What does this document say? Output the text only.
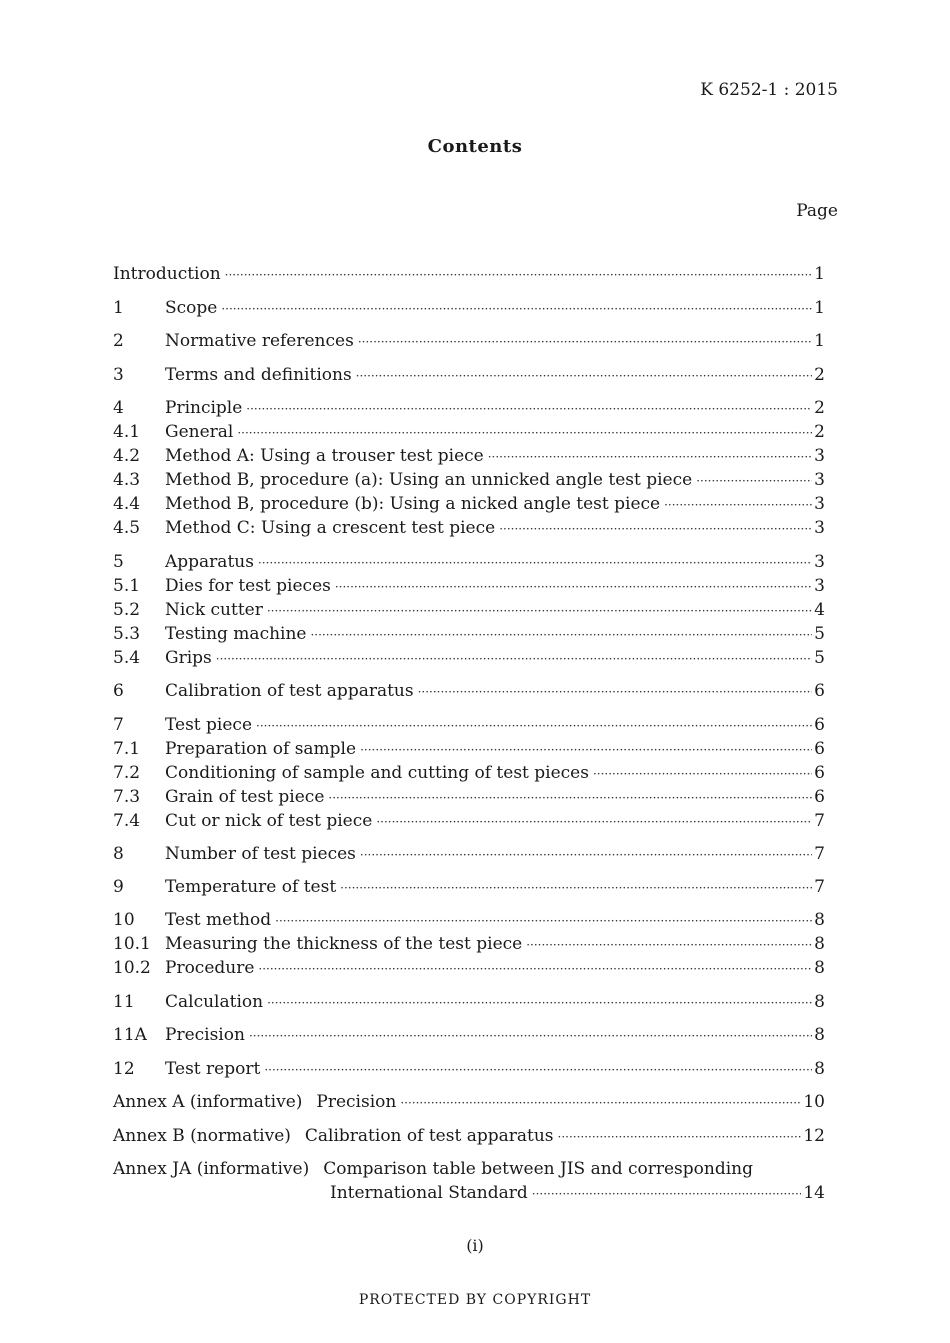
K 6252-1 : 2015
Contents
Page
Introduction ·····	1
1	Scope ·····	1
2	Normative references ·····	1
3	Terms and definitions ·····	2
4	Principle ·····	2
4.1	General ·····	2
4.2	Method A: Using a trouser test piece ·····	3
4.3	Method B, procedure (a): Using an unnicked angle test piece ·····	3
4.4	Method B, procedure (b): Using a nicked angle test piece ·····	3
4.5	Method C: Using a crescent test piece ·····	3
5	Apparatus ·····	3
5.1	Dies for test pieces ·····	3
5.2	Nick cutter ·····	4
5.3	Testing machine ·····	5
5.4	Grips ·····	5
6	Calibration of test apparatus ·····	6
7	Test piece ·····	6
7.1	Preparation of sample ·····	6
7.2	Conditioning of sample and cutting of test pieces ·····	6
7.3	Grain of test piece ·····	6
7.4	Cut or nick of test piece ·····	7
8	Number of test pieces ·····	7
9	Temperature of test ·····	7
10	Test method ·····	8
10.1 Measuring the thickness of the test piece ·····	8
10.2 Procedure ·····	8
11	Calculation ·····	8
11A	Precision ·····	8
12	Test report ·····	8
Annex A (informative) Precision ·····	10
Annex B (normative) Calibration of test apparatus ·····	12
Annex JA (informative) Comparison table between JIS and corresponding
International Standard ·····	14
(i)
PROTECTED BY COPYRIGHT
